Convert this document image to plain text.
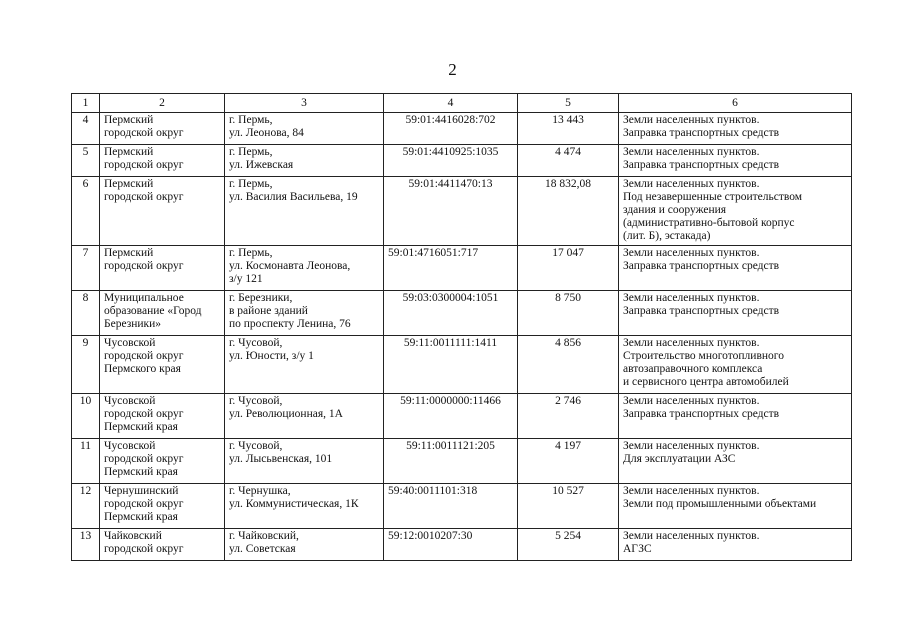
2
1	2	3	4	5	6
4	Пермский
городской округ	г. Пермь,
ул. Леонова, 84	59:01:4416028:702	13 443	Земли населенных пунктов.
Заправка транспортных средств

5	Пермский
городской округ	г. Пермь,
ул. Ижевская	59:01:4410925:1035	4 474	Земли населенных пунктов.
Заправка транспортных средств

6	Пермский
городской округ	г. Пермь,
ул. Василия Васильева, 19	59:01:4411470:13	18 832,08	Земли населенных пунктов.
Под незавершенные строительством
здания и сооружения
(административно-бытовой корпус
(лит. Б), эстакада)

7	Пермский
городской округ	г. Пермь,
ул. Космонавта Леонова,
з/у 121	59:01:4716051:717	17 047	Земли населенных пунктов.
Заправка транспортных средств

8	Муниципальное
образование «Город
Березники»	г. Березники,
в районе зданий
по проспекту Ленина, 76	59:03:0300004:1051	8 750	Земли населенных пунктов.
Заправка транспортных средств

9	Чусовской
городской округ
Пермского края	г. Чусовой,
ул. Юности, з/у 1	59:11:0011111:1411	4 856	Земли населенных пунктов.
Строительство многотопливного
автозаправочного комплекса
и сервисного центра автомобилей

10	Чусовской
городской округ
Пермский края	г. Чусовой,
ул. Революционная, 1А	59:11:0000000:11466	2 746	Земли населенных пунктов.
Заправка транспортных средств

11	Чусовской
городской округ
Пермский края	г. Чусовой,
ул. Лысьвенская, 101	59:11:0011121:205	4 197	Земли населенных пунктов.
Для эксплуатации АЗС

12	Чернушинский
городской округ
Пермский края	г. Чернушка,
ул. Коммунистическая, 1К	59:40:0011101:318	10 527	Земли населенных пунктов.
Земли под промышленными объектами

13	Чайковский
городской округ	г. Чайковский,
ул. Советская	59:12:0010207:30	5 254	Земли населенных пунктов.
АГЗС
